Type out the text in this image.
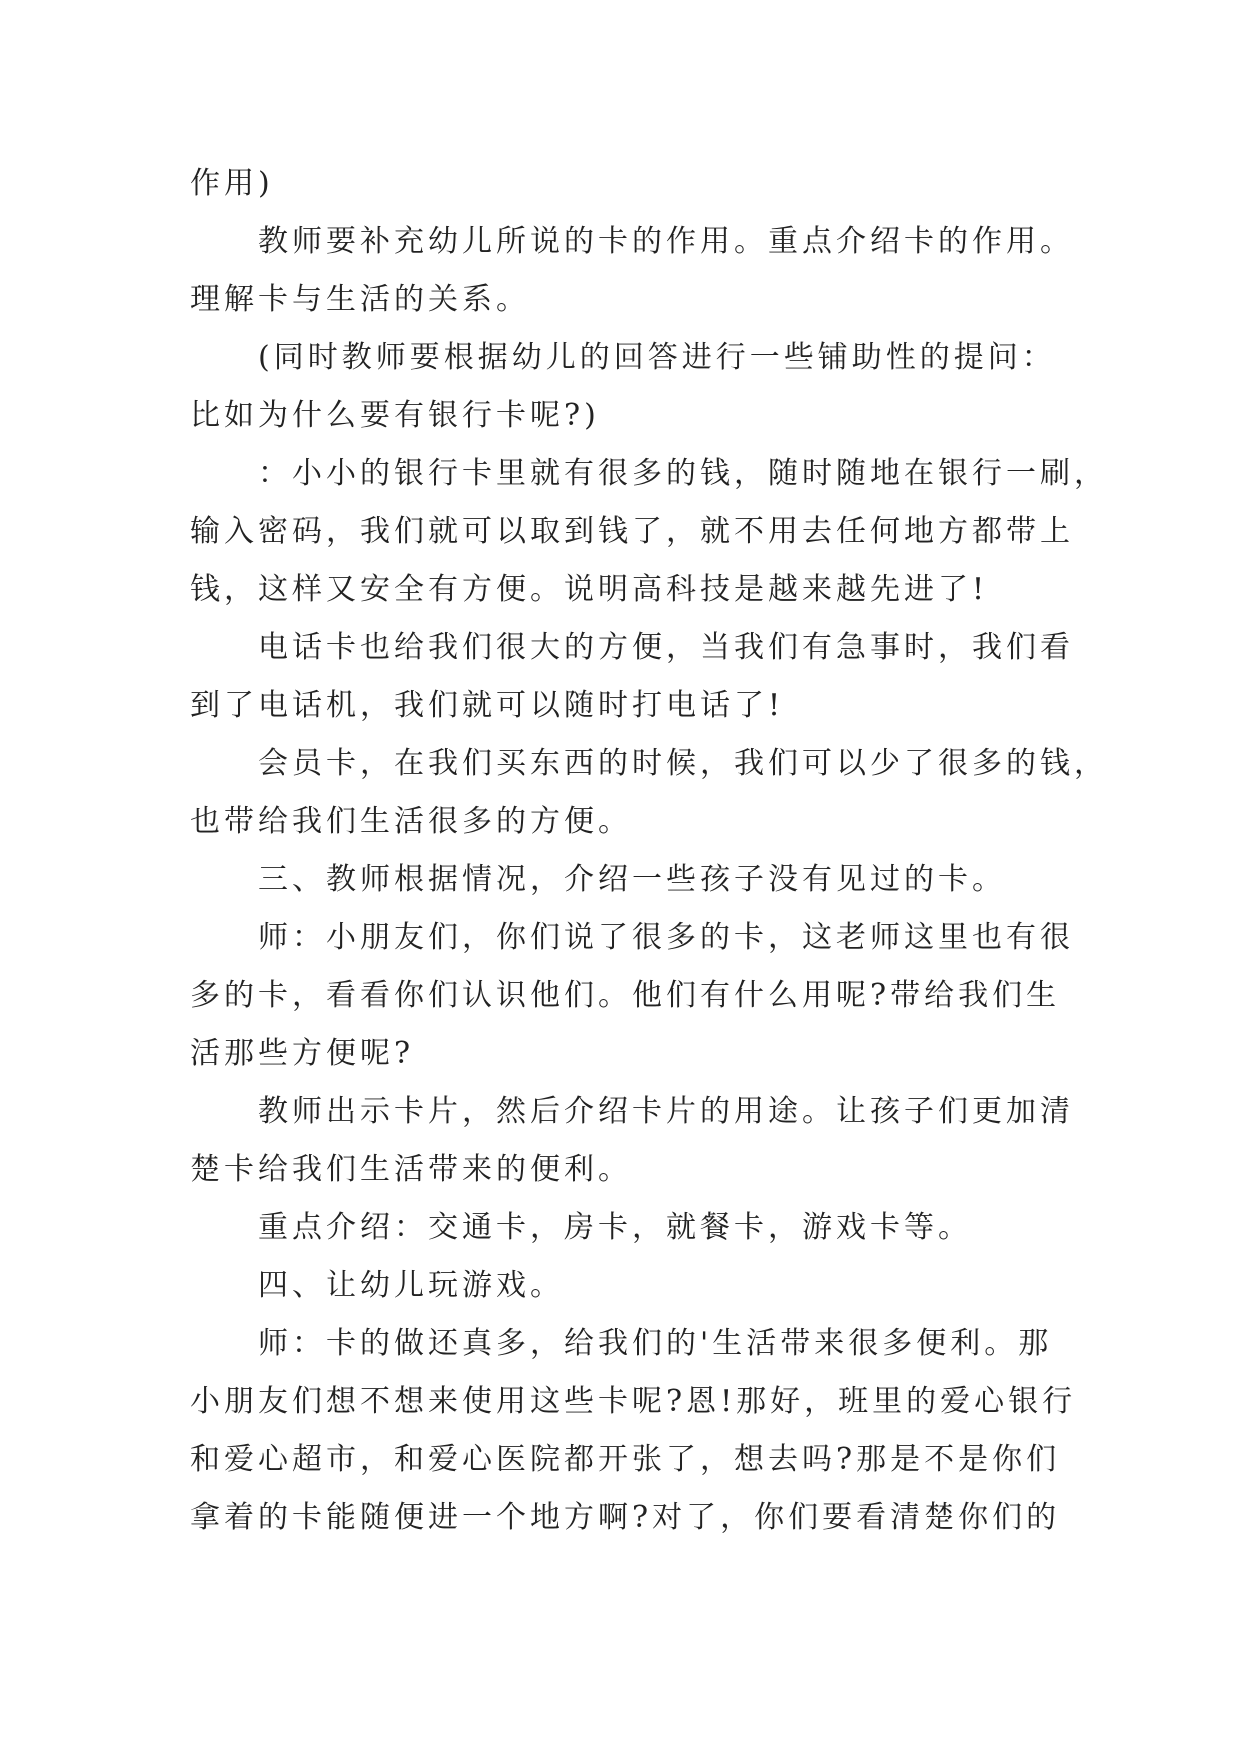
作用)
教师要补充幼儿所说的卡的作用。重点介绍卡的作用。
理解卡与生活的关系。
(同时教师要根据幼儿的回答进行一些铺助性的提问：
比如为什么要有银行卡呢?)
：小小的银行卡里就有很多的钱，随时随地在银行一刷，
输入密码，我们就可以取到钱了，就不用去任何地方都带上
钱，这样又安全有方便。说明高科技是越来越先进了!
电话卡也给我们很大的方便，当我们有急事时，我们看
到了电话机，我们就可以随时打电话了!
会员卡，在我们买东西的时候，我们可以少了很多的钱，
也带给我们生活很多的方便。
三、教师根据情况，介绍一些孩子没有见过的卡。
师：小朋友们，你们说了很多的卡，这老师这里也有很
多的卡，看看你们认识他们。他们有什么用呢?带给我们生
活那些方便呢?
教师出示卡片，然后介绍卡片的用途。让孩子们更加清
楚卡给我们生活带来的便利。
重点介绍：交通卡，房卡，就餐卡，游戏卡等。
四、让幼儿玩游戏。
师：卡的做还真多，给我们的'生活带来很多便利。那
小朋友们想不想来使用这些卡呢?恩!那好，班里的爱心银行
和爱心超市，和爱心医院都开张了，想去吗?那是不是你们
拿着的卡能随便进一个地方啊?对了，你们要看清楚你们的
